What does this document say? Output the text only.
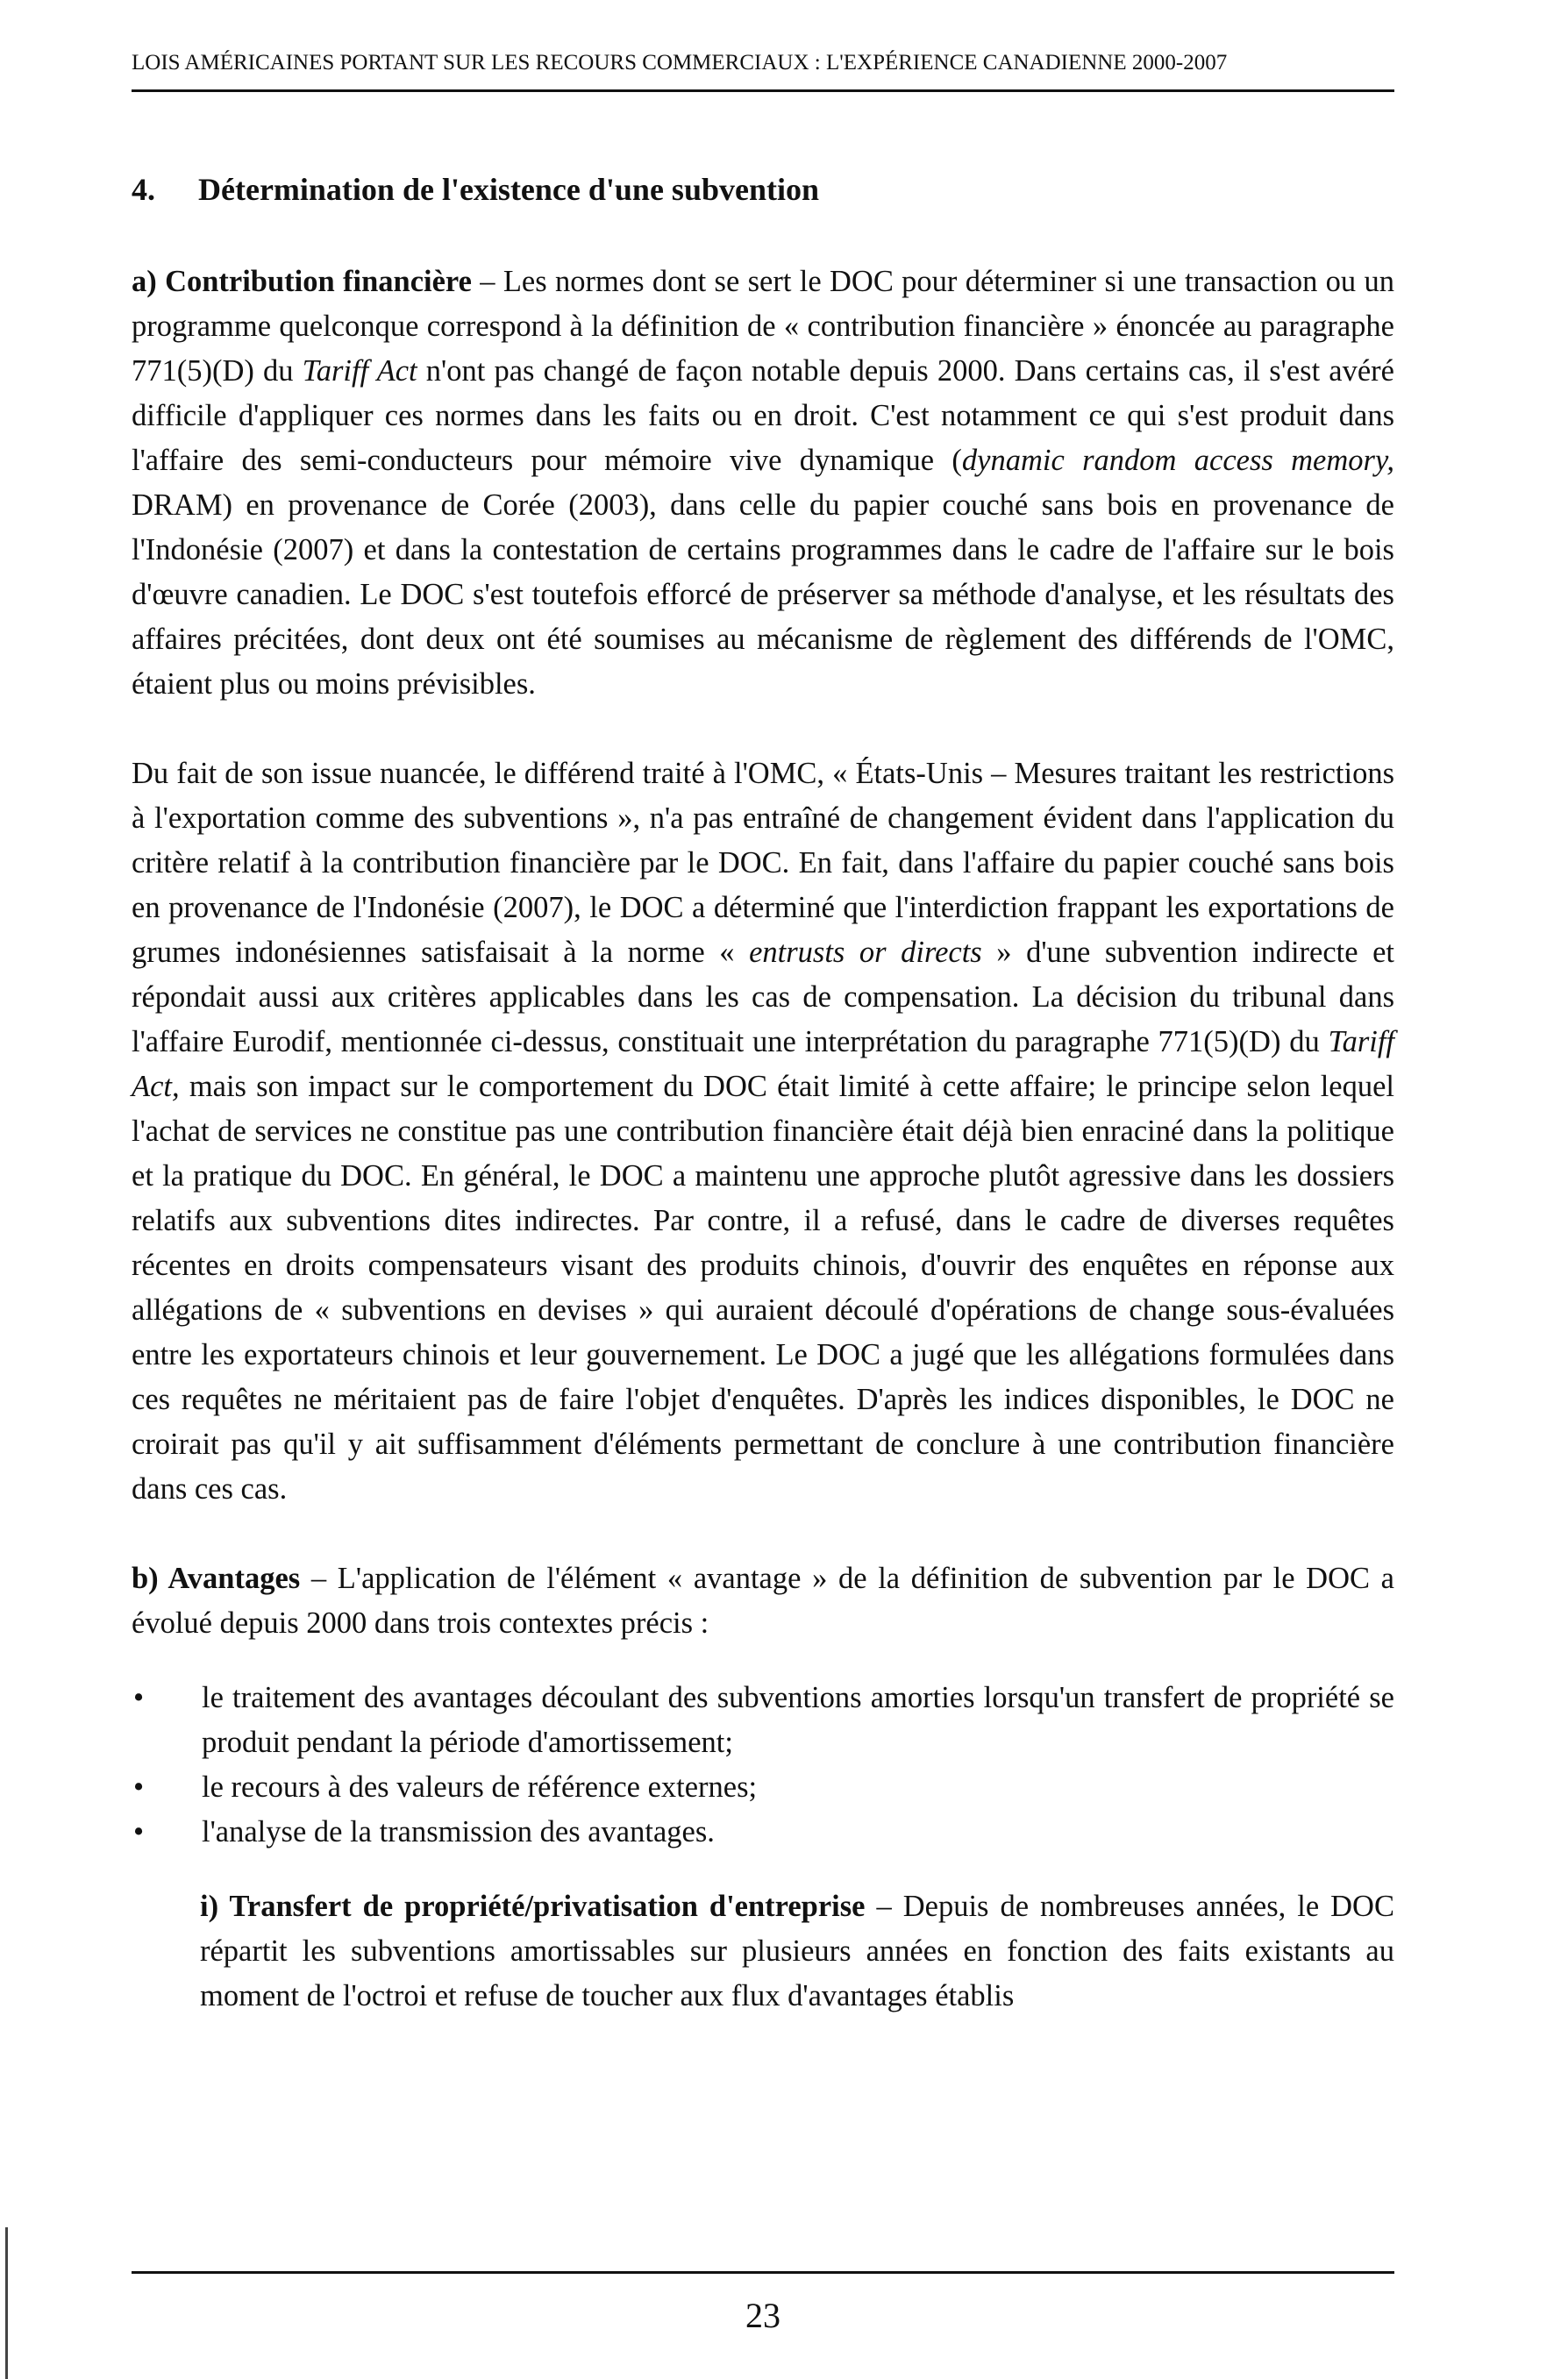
LOIS AMÉRICAINES PORTANT SUR LES RECOURS COMMERCIAUX : L'EXPÉRIENCE CANADIENNE 2000-2007
4. Détermination de l'existence d'une subvention

a) Contribution financière – Les normes dont se sert le DOC pour déterminer si une transaction ou un programme quelconque correspond à la définition de « contribution financière » énoncée au paragraphe 771(5)(D) du Tariff Act n'ont pas changé de façon notable depuis 2000. Dans certains cas, il s'est avéré difficile d'appliquer ces normes dans les faits ou en droit. C'est notamment ce qui s'est produit dans l'affaire des semi-conducteurs pour mémoire vive dynamique (dynamic random access memory, DRAM) en provenance de Corée (2003), dans celle du papier couché sans bois en provenance de l'Indonésie (2007) et dans la contestation de certains programmes dans le cadre de l'affaire sur le bois d'œuvre canadien. Le DOC s'est toutefois efforcé de préserver sa méthode d'analyse, et les résultats des affaires précitées, dont deux ont été soumises au mécanisme de règlement des différends de l'OMC, étaient plus ou moins prévisibles.

Du fait de son issue nuancée, le différend traité à l'OMC, « États-Unis – Mesures traitant les restrictions à l'exportation comme des subventions », n'a pas entraîné de changement évident dans l'application du critère relatif à la contribution financière par le DOC. En fait, dans l'affaire du papier couché sans bois en provenance de l'Indonésie (2007), le DOC a déterminé que l'interdiction frappant les exportations de grumes indonésiennes satisfaisait à la norme « entrusts or directs » d'une subvention indirecte et répondait aussi aux critères applicables dans les cas de compensation. La décision du tribunal dans l'affaire Eurodif, mentionnée ci-dessus, constituait une interprétation du paragraphe 771(5)(D) du Tariff Act, mais son impact sur le comportement du DOC était limité à cette affaire; le principe selon lequel l'achat de services ne constitue pas une contribution financière était déjà bien enraciné dans la politique et la pratique du DOC. En général, le DOC a maintenu une approche plutôt agressive dans les dossiers relatifs aux subventions dites indirectes. Par contre, il a refusé, dans le cadre de diverses requêtes récentes en droits compensateurs visant des produits chinois, d'ouvrir des enquêtes en réponse aux allégations de « subventions en devises » qui auraient découlé d'opérations de change sous-évaluées entre les exportateurs chinois et leur gouvernement. Le DOC a jugé que les allégations formulées dans ces requêtes ne méritaient pas de faire l'objet d'enquêtes. D'après les indices disponibles, le DOC ne croirait pas qu'il y ait suffisamment d'éléments permettant de conclure à une contribution financière dans ces cas.

b) Avantages – L'application de l'élément « avantage » de la définition de subvention par le DOC a évolué depuis 2000 dans trois contextes précis :

• le traitement des avantages découlant des subventions amorties lorsqu'un transfert de propriété se produit pendant la période d'amortissement;
• le recours à des valeurs de référence externes;
• l'analyse de la transmission des avantages.

i) Transfert de propriété/privatisation d'entreprise – Depuis de nombreuses années, le DOC répartit les subventions amortissables sur plusieurs années en fonction des faits existants au moment de l'octroi et refuse de toucher aux flux d'avantages établis

23
